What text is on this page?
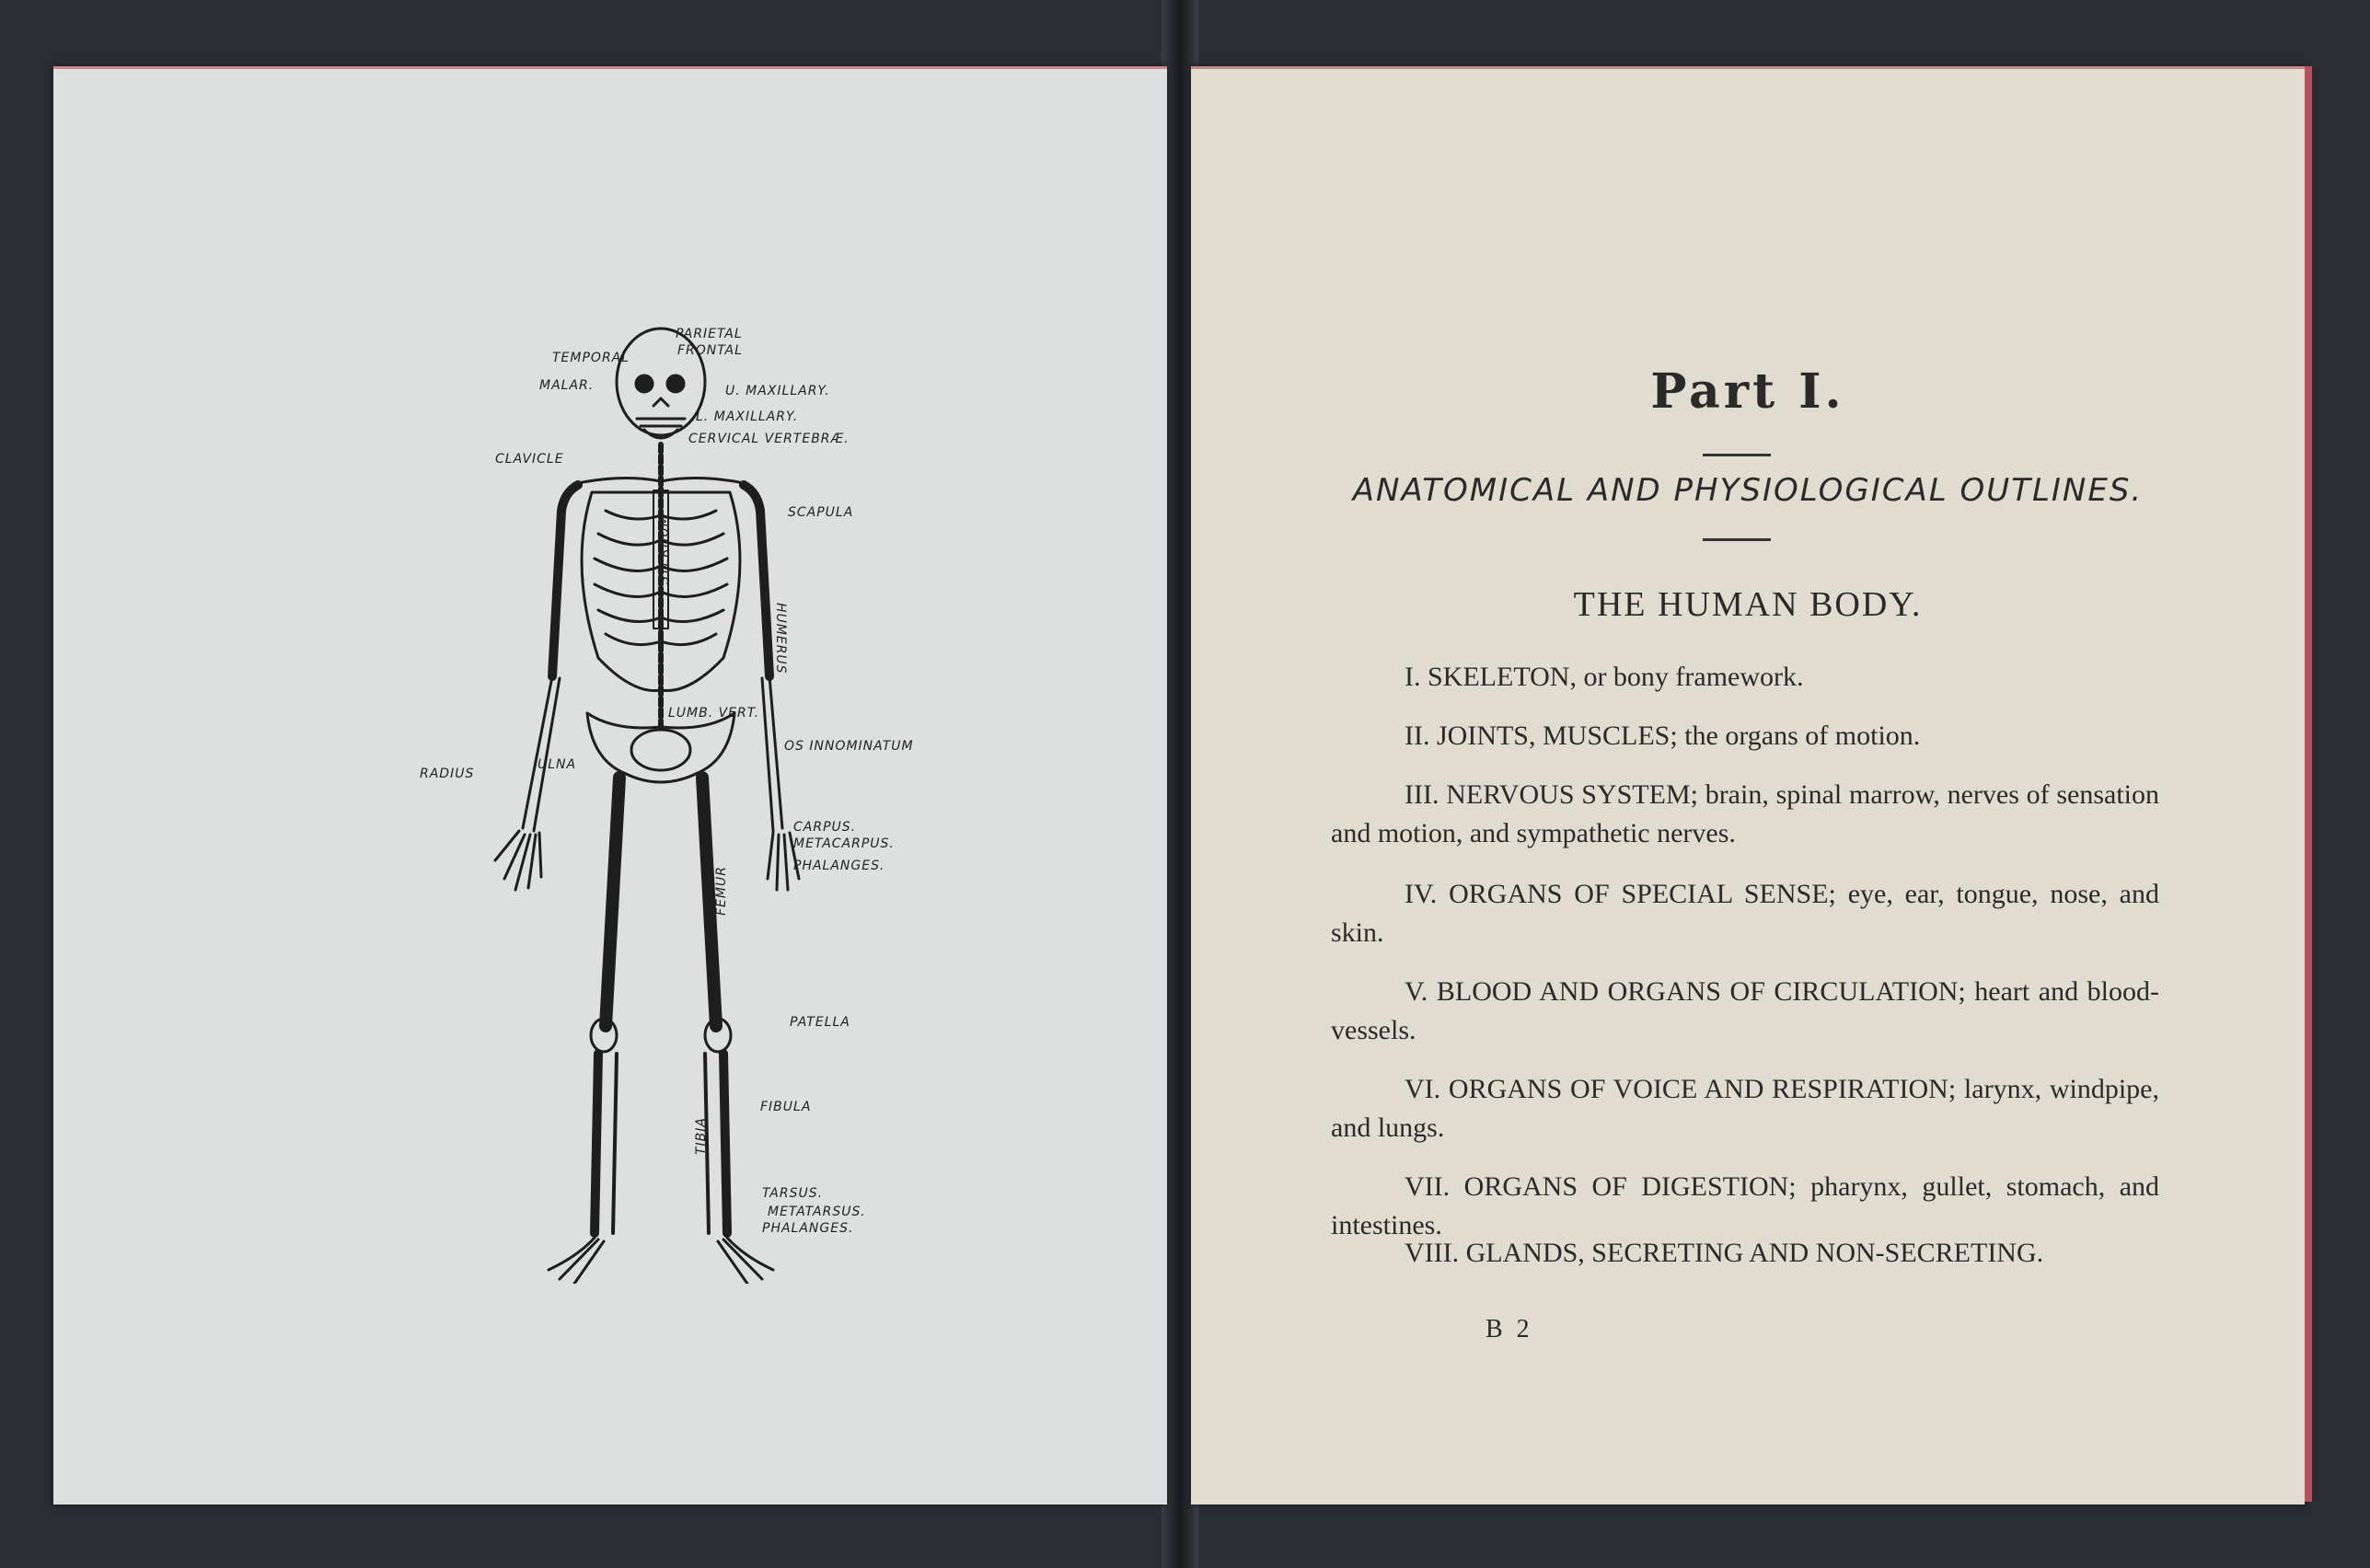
PARIETAL
FRONTAL
TEMPORAL
MALAR.	U. MAXILLARY.
L. MAXILLARY.
CERVICAL VERTEBRÆ.
CLAVICLE
SCAPULA
STERNUM
HUMERUS
LUMB. VERT.
OS INNOMINATUM
RADIUS
ULNA
CARPUS.
METACARPUS.
PHALANGES.
FEMUR
PATELLA
TIBIA
FIBULA
TARSUS.
METATARSUS.
PHALANGES.
Part I.
ANATOMICAL AND PHYSIOLOGICAL OUTLINES.
THE HUMAN BODY.
I. SKELETON, or bony framework.
II. JOINTS, MUSCLES; the organs of motion.
III. NERVOUS SYSTEM; brain, spinal marrow, nerves of sensation and motion, and sympathetic nerves.
IV. ORGANS OF SPECIAL SENSE; eye, ear, tongue, nose, and skin.
V. BLOOD AND ORGANS OF CIRCULATION; heart and blood-vessels.
VI. ORGANS OF VOICE AND RESPIRATION; larynx, windpipe, and lungs.
VII. ORGANS OF DIGESTION; pharynx, gullet, stomach, and intestines.
VIII. GLANDS, SECRETING AND NON-SECRETING.
B 2
